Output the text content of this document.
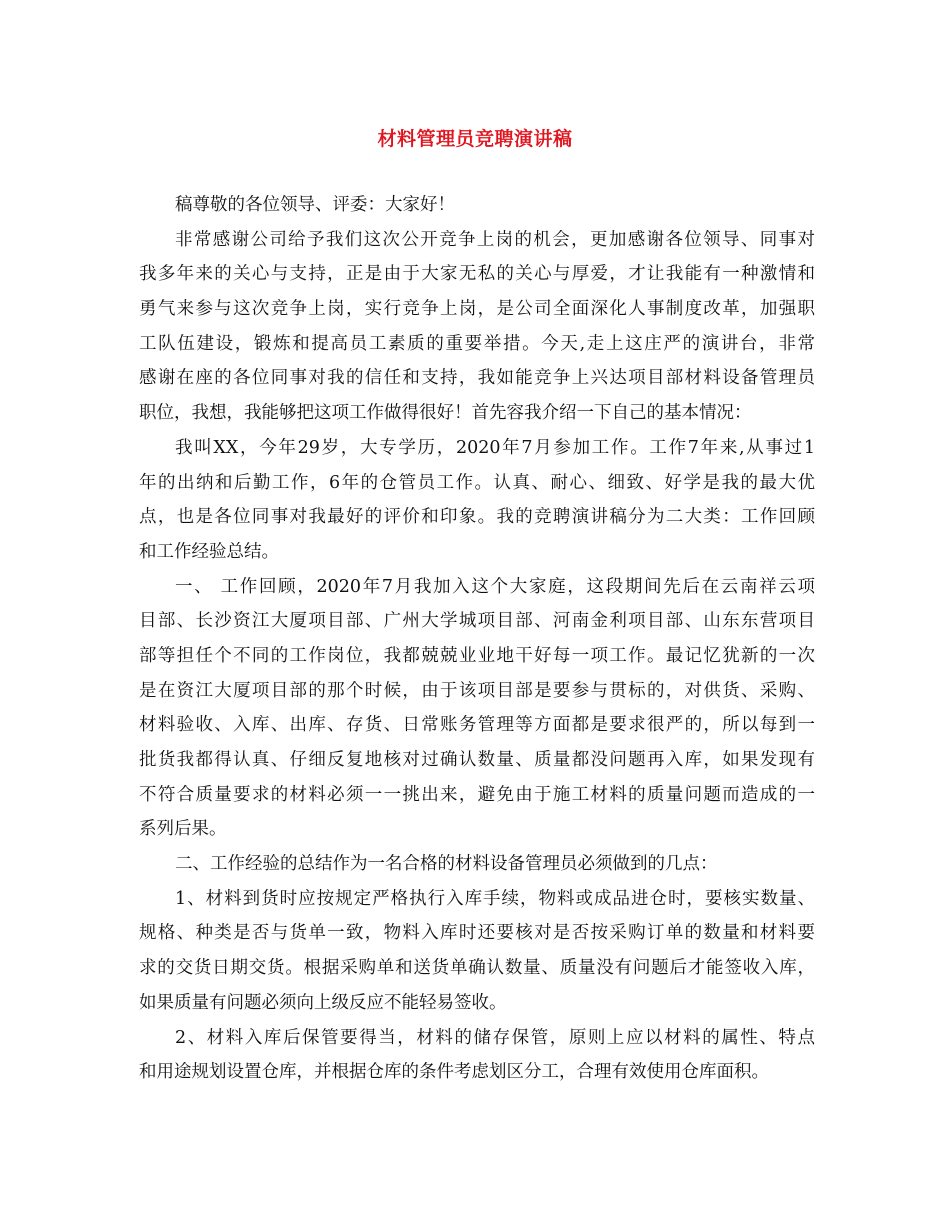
材料管理员竞聘演讲稿
稿尊敬的各位领导、评委：大家好！
非常感谢公司给予我们这次公开竞争上岗的机会，更加感谢各位领导、同事对
我多年来的关心与支持，正是由于大家无私的关心与厚爱，才让我能有一种激情和
勇气来参与这次竞争上岗，实行竞争上岗，是公司全面深化人事制度改革，加强职
工队伍建设，锻炼和提高员工素质的重要举措。今天,走上这庄严的演讲台，非常
感谢在座的各位同事对我的信任和支持，我如能竞争上兴达项目部材料设备管理员
职位，我想，我能够把这项工作做得很好！首先容我介绍一下自己的基本情况：
我叫XX，今年29岁，大专学历，2020年7月参加工作。工作7年来,从事过1
年的出纳和后勤工作，6年的仓管员工作。认真、耐心、细致、好学是我的最大优
点，也是各位同事对我最好的评价和印象。我的竞聘演讲稿分为二大类：工作回顾
和工作经验总结。
一、 工作回顾，2020年7月我加入这个大家庭，这段期间先后在云南祥云项
目部、长沙资江大厦项目部、广州大学城项目部、河南金利项目部、山东东营项目
部等担任个不同的工作岗位，我都兢兢业业地干好每一项工作。最记忆犹新的一次
是在资江大厦项目部的那个时候，由于该项目部是要参与贯标的，对供货、采购、
材料验收、入库、出库、存货、日常账务管理等方面都是要求很严的，所以每到一
批货我都得认真、仔细反复地核对过确认数量、质量都没问题再入库，如果发现有
不符合质量要求的材料必须一一挑出来，避免由于施工材料的质量问题而造成的一
系列后果。
二、工作经验的总结作为一名合格的材料设备管理员必须做到的几点：
1、材料到货时应按规定严格执行入库手续，物料或成品进仓时，要核实数量、
规格、种类是否与货单一致，物料入库时还要核对是否按采购订单的数量和材料要
求的交货日期交货。根据采购单和送货单确认数量、质量没有问题后才能签收入库，
如果质量有问题必须向上级反应不能轻易签收。
2、材料入库后保管要得当，材料的储存保管，原则上应以材料的属性、特点
和用途规划设置仓库，并根据仓库的条件考虑划区分工，合理有效使用仓库面积。
